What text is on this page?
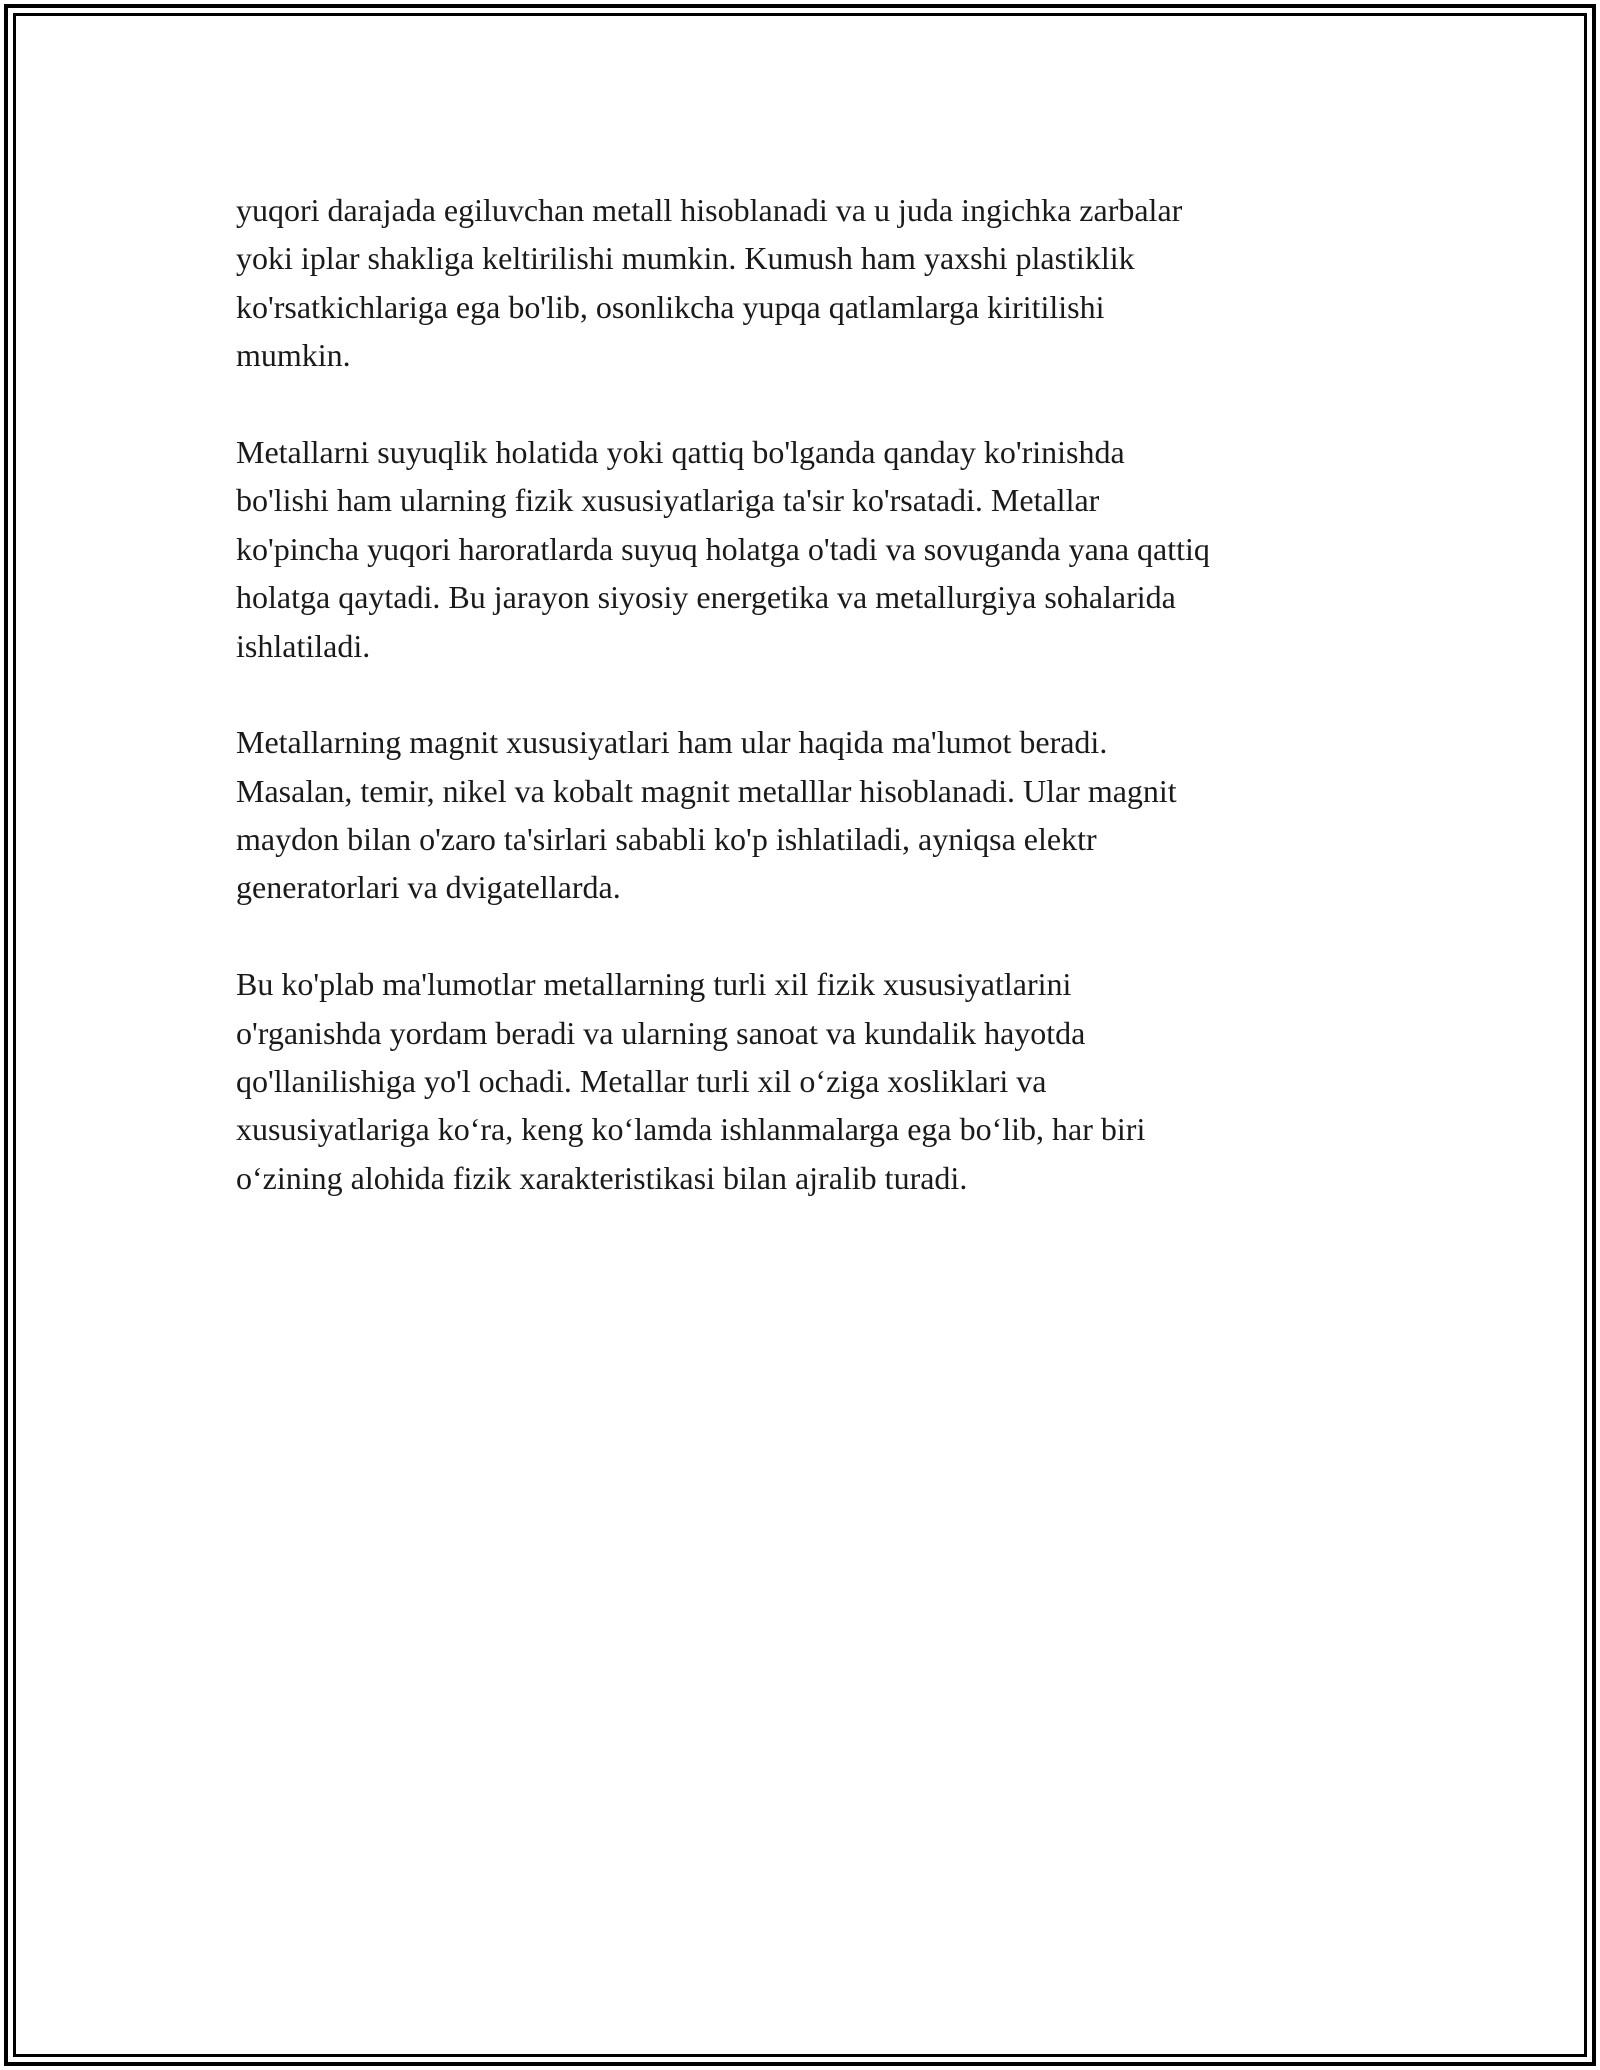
yuqori darajada egiluvchan metall hisoblanadi va u juda ingichka zarbalar
yoki iplar shakliga keltirilishi mumkin. Kumush ham yaxshi plastiklik
ko'rsatkichlariga ega bo'lib, osonlikcha yupqa qatlamlarga kiritilishi
mumkin.

Metallarni suyuqlik holatida yoki qattiq bo'lganda qanday ko'rinishda
bo'lishi ham ularning fizik xususiyatlariga ta'sir ko'rsatadi. Metallar
ko'pincha yuqori haroratlarda suyuq holatga o'tadi va sovuganda yana qattiq
holatga qaytadi. Bu jarayon siyosiy energetika va metallurgiya sohalarida
ishlatiladi.

Metallarning magnit xususiyatlari ham ular haqida ma'lumot beradi.
Masalan, temir, nikel va kobalt magnit metalllar hisoblanadi. Ular magnit
maydon bilan o'zaro ta'sirlari sababli ko'p ishlatiladi, ayniqsa elektr
generatorlari va dvigatellarda.

Bu ko'plab ma'lumotlar metallarning turli xil fizik xususiyatlarini
o'rganishda yordam beradi va ularning sanoat va kundalik hayotda
qo'llanilishiga yo'l ochadi. Metallar turli xil oʻziga xosliklari va
xususiyatlariga koʻra, keng koʻlamda ishlanmalarga ega boʻlib, har biri
oʻzining alohida fizik xarakteristikasi bilan ajralib turadi.
